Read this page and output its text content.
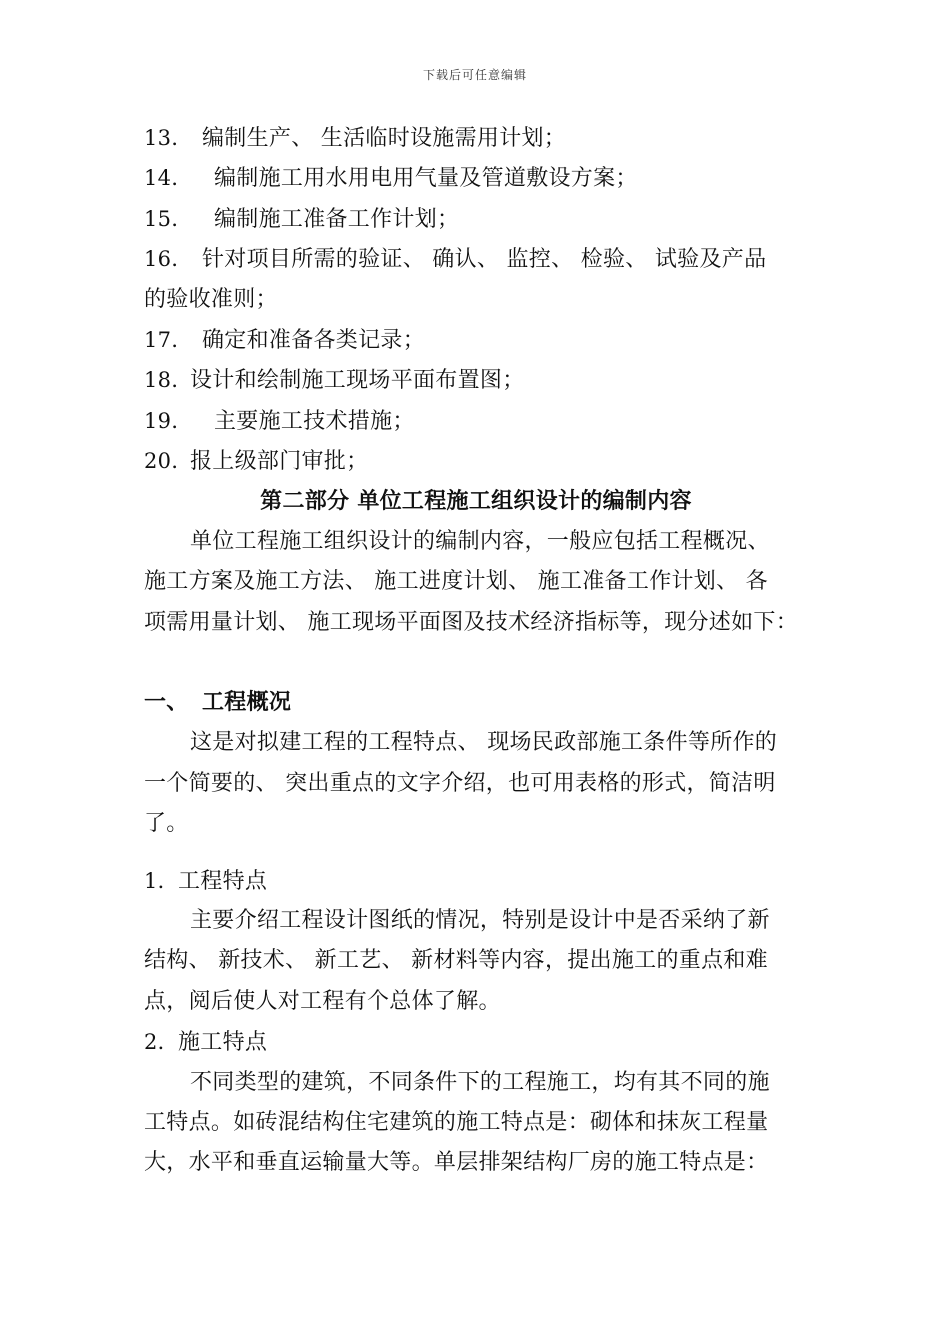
下载后可任意编辑
13． 编制生产、 生活临时设施需用计划；
14． 编制施工用水用电用气量及管道敷设方案；
15． 编制施工准备工作计划；
16． 针对项目所需的验证、 确认、 监控、 检验、 试验及产品
的验收准则；
17． 确定和准备各类记录；
18．设计和绘制施工现场平面布置图；
19． 主要施工技术措施；
20．报上级部门审批；
第二部分 单位工程施工组织设计的编制内容
单位工程施工组织设计的编制内容，一般应包括工程概况、
施工方案及施工方法、 施工进度计划、 施工准备工作计划、 各
项需用量计划、 施工现场平面图及技术经济指标等，现分述如下：
一、 工程概况
这是对拟建工程的工程特点、 现场民政部施工条件等所作的
一个简要的、 突出重点的文字介绍，也可用表格的形式，简洁明
了。
1．工程特点
主要介绍工程设计图纸的情况，特别是设计中是否采纳了新
结构、 新技术、 新工艺、 新材料等内容，提出施工的重点和难
点，阅后使人对工程有个总体了解。
2．施工特点
不同类型的建筑，不同条件下的工程施工，均有其不同的施
工特点。如砖混结构住宅建筑的施工特点是：砌体和抹灰工程量
大，水平和垂直运输量大等。单层排架结构厂房的施工特点是：
